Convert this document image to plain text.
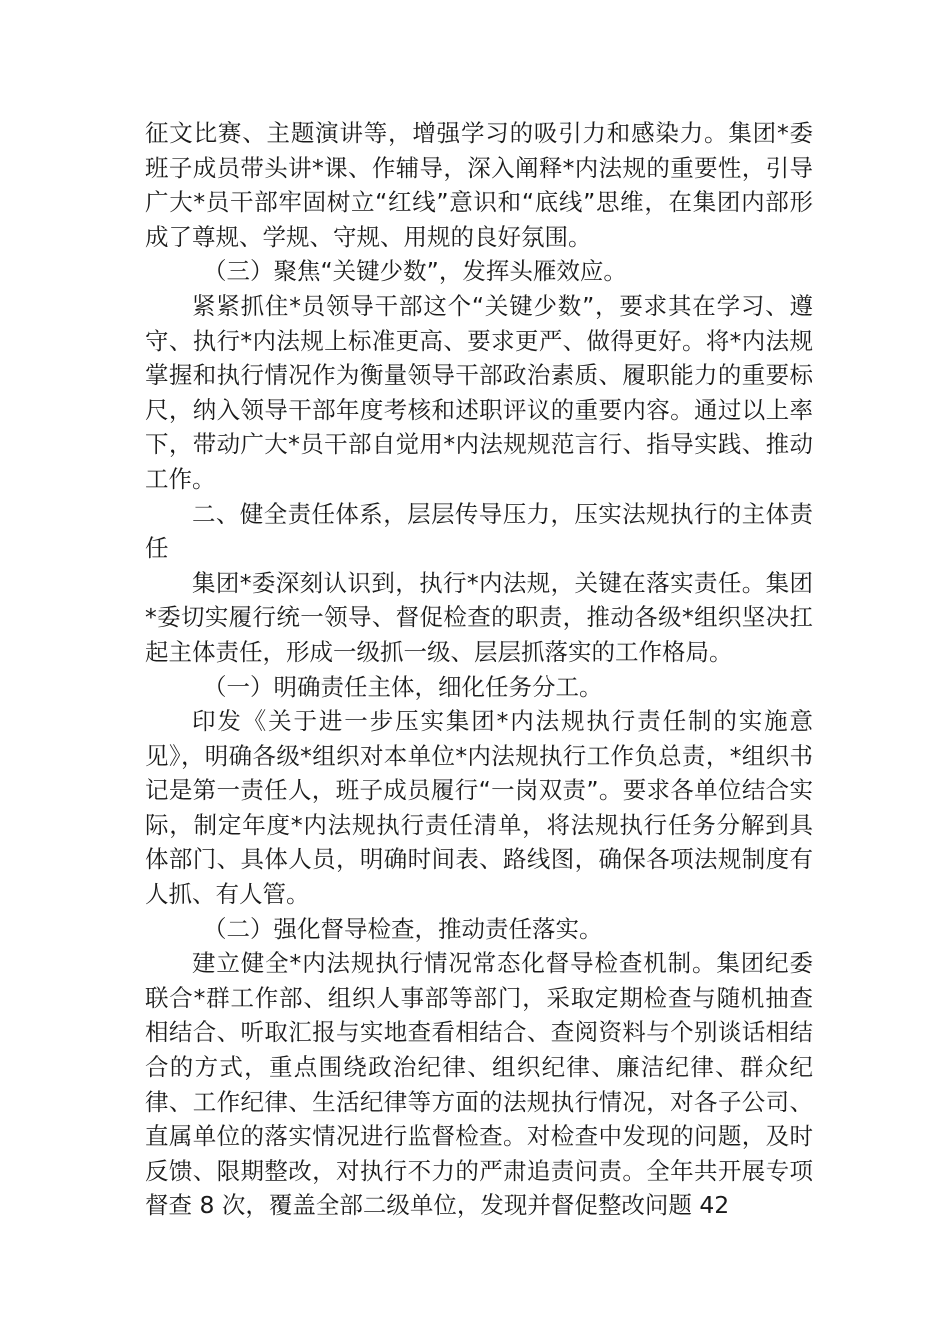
征文比赛、主题演讲等，增强学习的吸引力和感染力。集团*委班子成员带头讲*课、作辅导，深入阐释*内法规的重要性，引导广大*员干部牢固树立“红线”意识和“底线”思维，在集团内部形成了尊规、学规、守规、用规的良好氛围。

（三）聚焦“关键少数”，发挥头雁效应。

紧紧抓住*员领导干部这个“关键少数”，要求其在学习、遵守、执行*内法规上标准更高、要求更严、做得更好。将*内法规掌握和执行情况作为衡量领导干部政治素质、履职能力的重要标尺，纳入领导干部年度考核和述职评议的重要内容。通过以上率下，带动广大*员干部自觉用*内法规规范言行、指导实践、推动工作。

二、健全责任体系，层层传导压力，压实法规执行的主体责任

集团*委深刻认识到，执行*内法规，关键在落实责任。集团*委切实履行统一领导、督促检查的职责，推动各级*组织坚决扛起主体责任，形成一级抓一级、层层抓落实的工作格局。

（一）明确责任主体，细化任务分工。

印发《关于进一步压实集团*内法规执行责任制的实施意见》，明确各级*组织对本单位*内法规执行工作负总责，*组织书记是第一责任人，班子成员履行“一岗双责”。要求各单位结合实际，制定年度*内法规执行责任清单，将法规执行任务分解到具体部门、具体人员，明确时间表、路线图，确保各项法规制度有人抓、有人管。

（二）强化督导检查，推动责任落实。

建立健全*内法规执行情况常态化督导检查机制。集团纪委联合*群工作部、组织人事部等部门，采取定期检查与随机抽查相结合、听取汇报与实地查看相结合、查阅资料与个别谈话相结合的方式，重点围绕政治纪律、组织纪律、廉洁纪律、群众纪律、工作纪律、生活纪律等方面的法规执行情况，对各子公司、直属单位的落实情况进行监督检查。对检查中发现的问题，及时反馈、限期整改，对执行不力的严肃追责问责。全年共开展专项督查 8 次，覆盖全部二级单位，发现并督促整改问题 42
